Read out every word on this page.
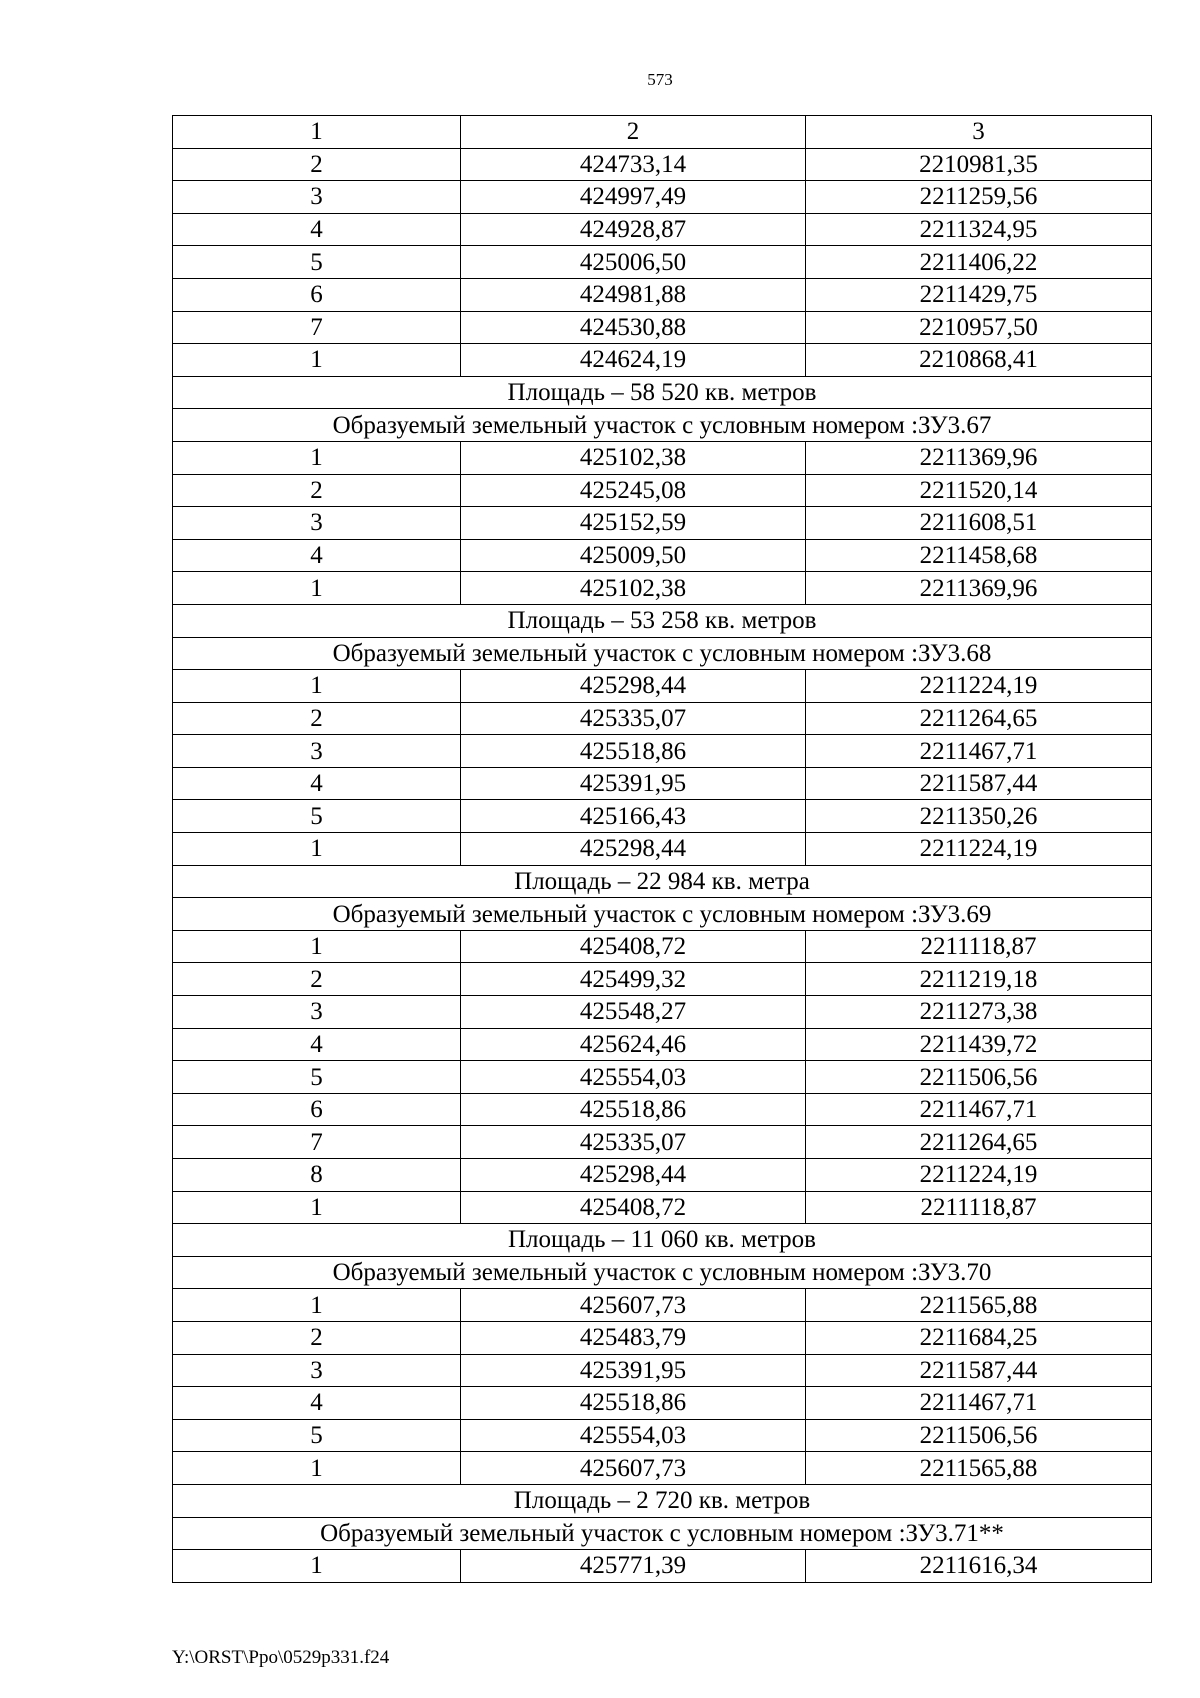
573
1	2	3
2	424733,14	2210981,35
3	424997,49	2211259,56
4	424928,87	2211324,95
5	425006,50	2211406,22
6	424981,88	2211429,75
7	424530,88	2210957,50
1	424624,19	2210868,41
Площадь – 58 520 кв. метров		
Образуемый земельный участок с условным номером :ЗУ3.67		
1	425102,38	2211369,96
2	425245,08	2211520,14
3	425152,59	2211608,51
4	425009,50	2211458,68
1	425102,38	2211369,96
Площадь – 53 258 кв. метров		
Образуемый земельный участок с условным номером :ЗУ3.68		
1	425298,44	2211224,19
2	425335,07	2211264,65
3	425518,86	2211467,71
4	425391,95	2211587,44
5	425166,43	2211350,26
1	425298,44	2211224,19
Площадь – 22 984 кв. метра		
Образуемый земельный участок с условным номером :ЗУ3.69		
1	425408,72	2211118,87
2	425499,32	2211219,18
3	425548,27	2211273,38
4	425624,46	2211439,72
5	425554,03	2211506,56
6	425518,86	2211467,71
7	425335,07	2211264,65
8	425298,44	2211224,19
1	425408,72	2211118,87
Площадь – 11 060 кв. метров		
Образуемый земельный участок с условным номером :ЗУ3.70		
1	425607,73	2211565,88
2	425483,79	2211684,25
3	425391,95	2211587,44
4	425518,86	2211467,71
5	425554,03	2211506,56
1	425607,73	2211565,88
Площадь – 2 720 кв. метров		
Образуемый земельный участок с условным номером :ЗУ3.71**		
1	425771,39	2211616,34
Y:\ORST\Ppo\0529p331.f24
